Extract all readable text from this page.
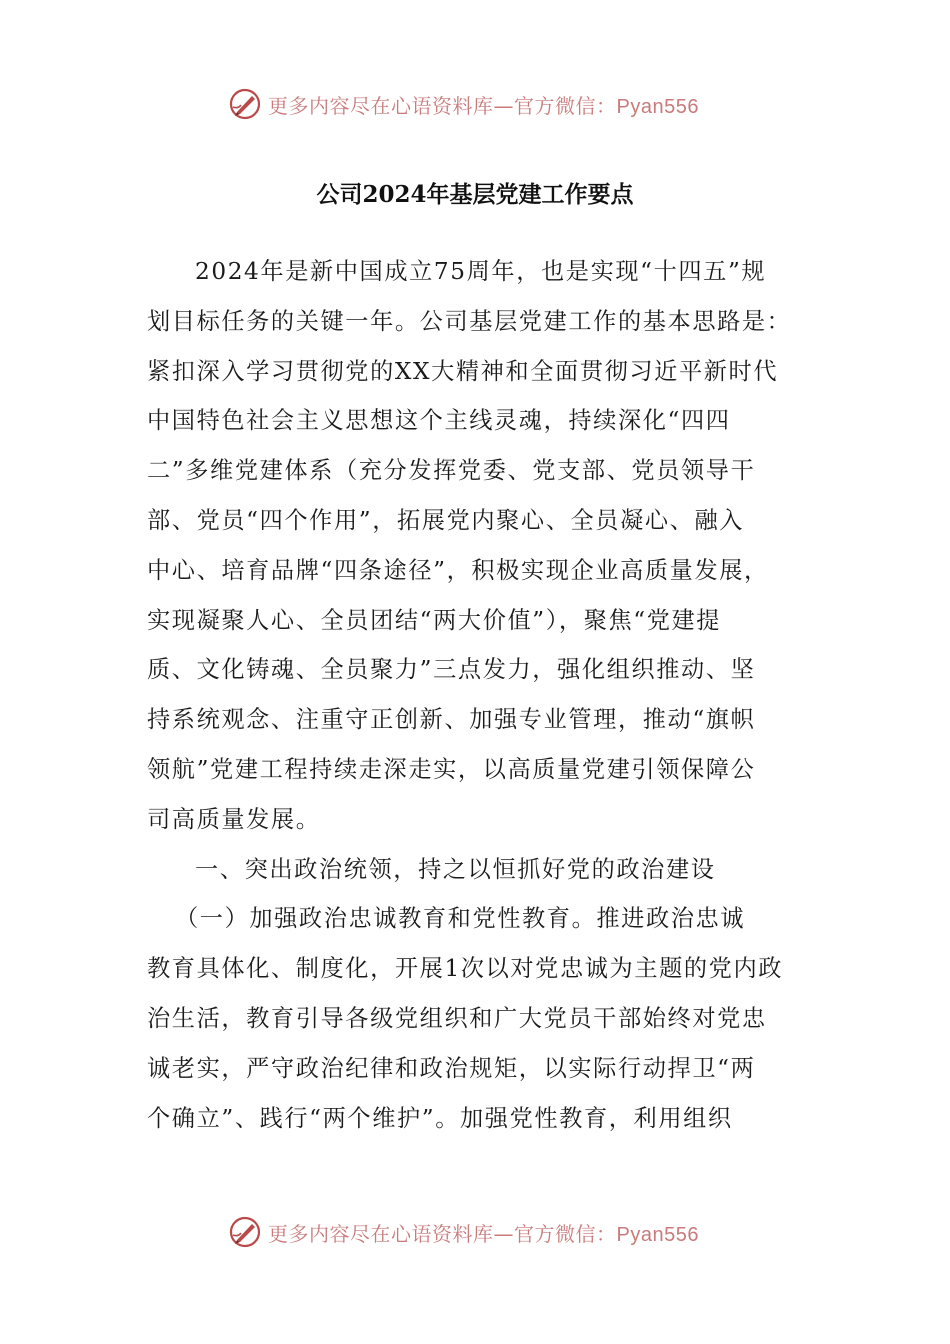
更多内容尽在心语资料库—官方微信：Pyan556
公司2024年基层党建工作要点
2024年是新中国成立75周年，也是实现“十四五”规
划目标任务的关键一年。公司基层党建工作的基本思路是：
紧扣深入学习贯彻党的XX大精神和全面贯彻习近平新时代
中国特色社会主义思想这个主线灵魂，持续深化“四四
二”多维党建体系（充分发挥党委、党支部、党员领导干
部、党员“四个作用”，拓展党内聚心、全员凝心、融入
中心、培育品牌“四条途径”，积极实现企业高质量发展，
实现凝聚人心、全员团结“两大价值”），聚焦“党建提
质、文化铸魂、全员聚力”三点发力，强化组织推动、坚
持系统观念、注重守正创新、加强专业管理，推动“旗帜
领航”党建工程持续走深走实，以高质量党建引领保障公
司高质量发展。
一、突出政治统领，持之以恒抓好党的政治建设
（一）加强政治忠诚教育和党性教育。推进政治忠诚
教育具体化、制度化，开展1次以对党忠诚为主题的党内政
治生活，教育引导各级党组织和广大党员干部始终对党忠
诚老实，严守政治纪律和政治规矩，以实际行动捍卫“两
个确立”、践行“两个维护”。加强党性教育，利用组织
更多内容尽在心语资料库—官方微信：Pyan556
